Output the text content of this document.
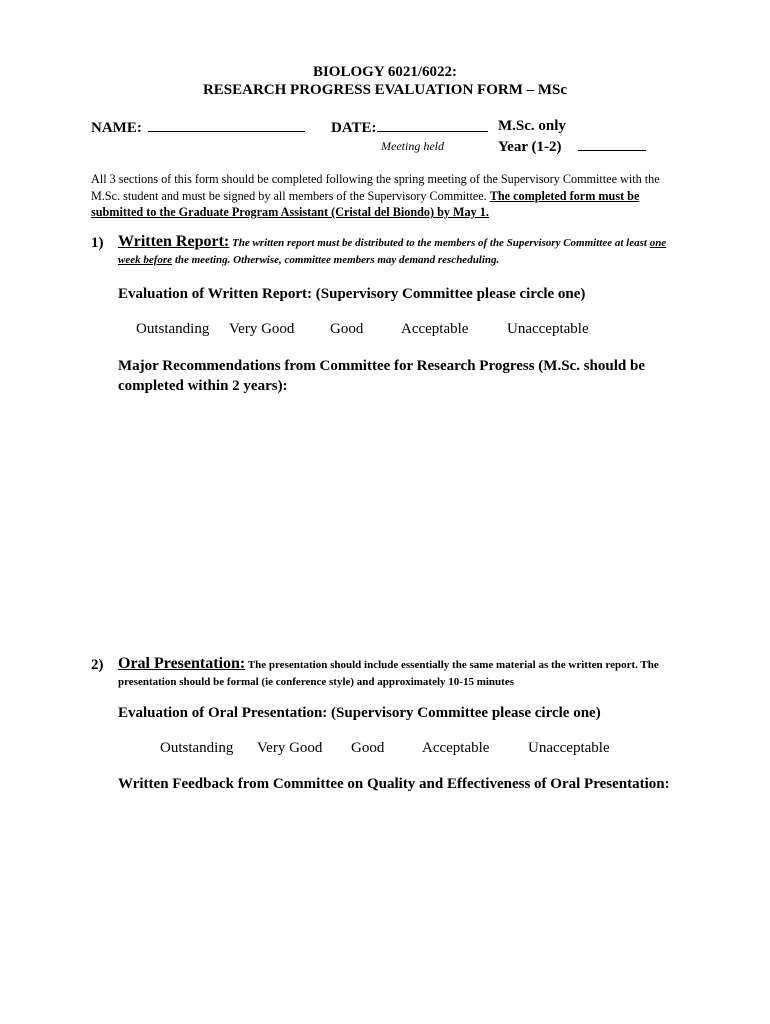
BIOLOGY 6021/6022:
RESEARCH PROGRESS EVALUATION FORM – MSc
NAME:	DATE:
Meeting held
M.Sc. only
Year (1-2)
All 3 sections of this form should be completed following the spring meeting of the Supervisory Committee with the M.Sc. student and must be signed by all members of the Supervisory Committee. The completed form must be submitted to the Graduate Program Assistant (Cristal del Biondo) by May 1.
1) Written Report: The written report must be distributed to the members of the Supervisory Committee at least one week before the meeting. Otherwise, committee members may demand rescheduling.
Evaluation of Written Report: (Supervisory Committee please circle one)
Outstanding Very Good Good	Acceptable	Unacceptable
Major Recommendations from Committee for Research Progress (M.Sc. should be completed within 2 years):
2) Oral Presentation: The presentation should include essentially the same material as the written report. The presentation should be formal (ie conference style) and approximately 10-15 minutes
Evaluation of Oral Presentation: (Supervisory Committee please circle one)
Outstanding Very Good Good	Acceptable	Unacceptable
Written Feedback from Committee on Quality and Effectiveness of Oral Presentation:
